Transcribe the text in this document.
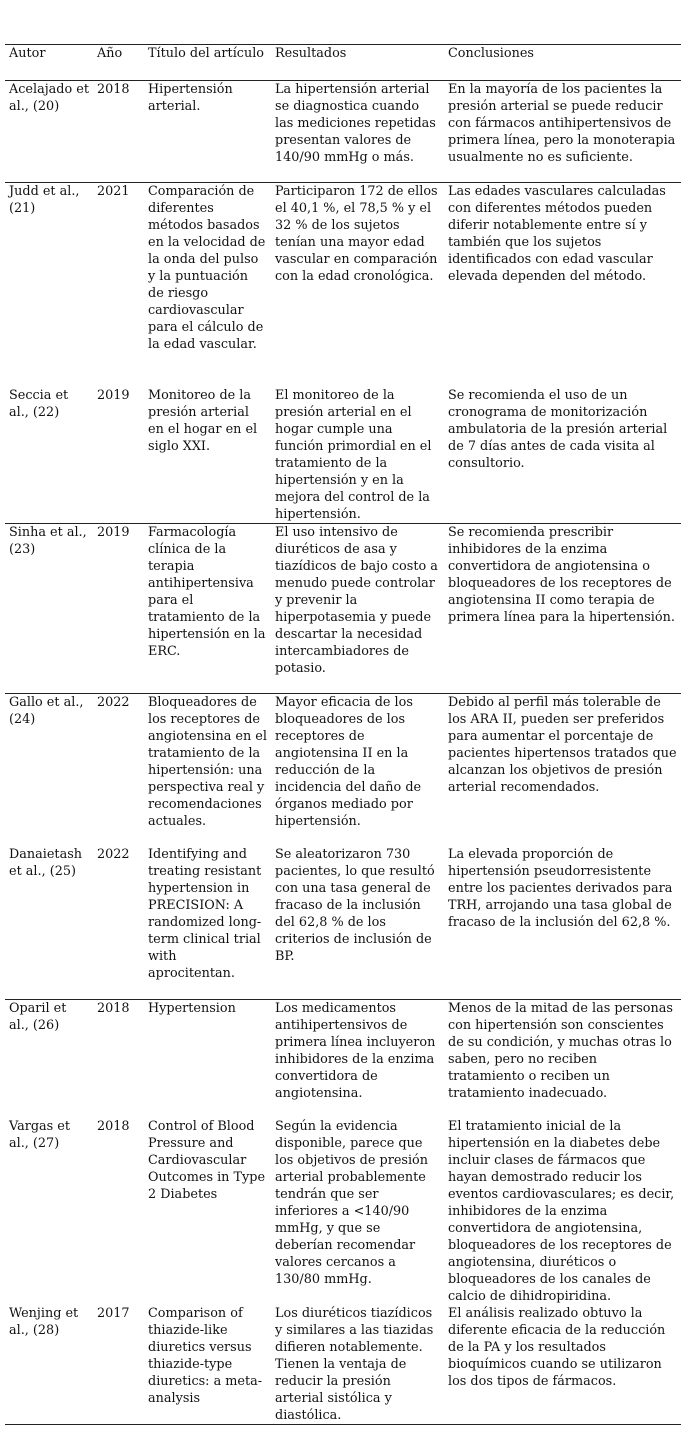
Autor	Año	Título del artículo	Resultados	Conclusiones
Acelajado et al., (20)	2018	Hipertensión arterial.	La hipertensión arterial se diagnostica cuando las mediciones repetidas presentan valores de 140/90 mmHg o más.	En la mayoría de los pacientes la presión arterial se puede reducir con fármacos antihipertensivos de primera línea, pero la monoterapia usualmente no es suficiente.
Judd et al., (21)	2021	Comparación de diferentes métodos basados en la velocidad de la onda del pulso y la puntuación de riesgo cardiovascular para el cálculo de la edad vascular.	Participaron 172 de ellos el 40,1 %, el 78,5 % y el 32 % de los sujetos tenían una mayor edad vascular en comparación con la edad cronológica.	Las edades vasculares calculadas con diferentes métodos pueden diferir notablemente entre sí y también que los sujetos identificados con edad vascular elevada dependen del método.
Seccia et al., (22)	2019	Monitoreo de la presión arterial en el hogar en el siglo XXI.	El monitoreo de la presión arterial en el hogar cumple una función primordial en el tratamiento de la hipertensión y en la mejora del control de la hipertensión.	Se recomienda el uso de un cronograma de monitorización ambulatoria de la presión arterial de 7 días antes de cada visita al consultorio.
Sinha et al., (23)	2019	Farmacología clínica de la terapia antihipertensiva para el tratamiento de la hipertensión en la ERC.	El uso intensivo de diuréticos de asa y tiazídicos de bajo costo a menudo puede controlar y prevenir la hiperpotasemia y puede descartar la necesidad intercambiadores de potasio.	Se recomienda prescribir inhibidores de la enzima convertidora de angiotensina o bloqueadores de los receptores de angiotensina II como terapia de primera línea para la hipertensión.
Gallo et al., (24)	2022	Bloqueadores de los receptores de angiotensina en el tratamiento de la hipertensión: una perspectiva real y recomendaciones actuales.	Mayor eficacia de los bloqueadores de los receptores de angiotensina II en la reducción de la incidencia del daño de órganos mediado por hipertensión.	Debido al perfil más tolerable de los ARA II, pueden ser preferidos para aumentar el porcentaje de pacientes hipertensos tratados que alcanzan los objetivos de presión arterial recomendados.
Danaietash et al., (25)	2022	Identifying and treating resistant hypertension in PRECISION: A randomized long-term clinical trial with aprocitentan.	Se aleatorizaron 730 pacientes, lo que resultó con una tasa general de fracaso de la inclusión del 62,8 % de los criterios de inclusión de BP.	La elevada proporción de hipertensión pseudorresistente entre los pacientes derivados para TRH, arrojando una tasa global de fracaso de la inclusión del 62,8 %.
Oparil et al., (26)	2018	Hypertension	Los medicamentos antihipertensivos de primera línea incluyeron inhibidores de la enzima convertidora de angiotensina.	Menos de la mitad de las personas con hipertensión son conscientes de su condición, y muchas otras lo saben, pero no reciben tratamiento o reciben un tratamiento inadecuado.
Vargas et al., (27)	2018	Control of Blood Pressure and Cardiovascular Outcomes in Type 2 Diabetes	Según la evidencia disponible, parece que los objetivos de presión arterial probablemente tendrán que ser inferiores a <140/90 mmHg, y que se deberían recomendar valores cercanos a 130/80 mmHg.	El tratamiento inicial de la hipertensión en la diabetes debe incluir clases de fármacos que hayan demostrado reducir los eventos cardiovasculares; es decir, inhibidores de la enzima convertidora de angiotensina, bloqueadores de los receptores de angiotensina, diuréticos o bloqueadores de los canales de calcio de dihidropiridina.
Wenjing et al., (28)	2017	Comparison of thiazide-like diuretics versus thiazide-type diuretics: a meta-analysis	Los diuréticos tiazídicos y similares a las tiazidas difieren notablemente. Tienen la ventaja de reducir la presión arterial sistólica y diastólica.	El análisis realizado obtuvo la diferente eficacia de la reducción de la PA y los resultados bioquímicos cuando se utilizaron los dos tipos de fármacos.
